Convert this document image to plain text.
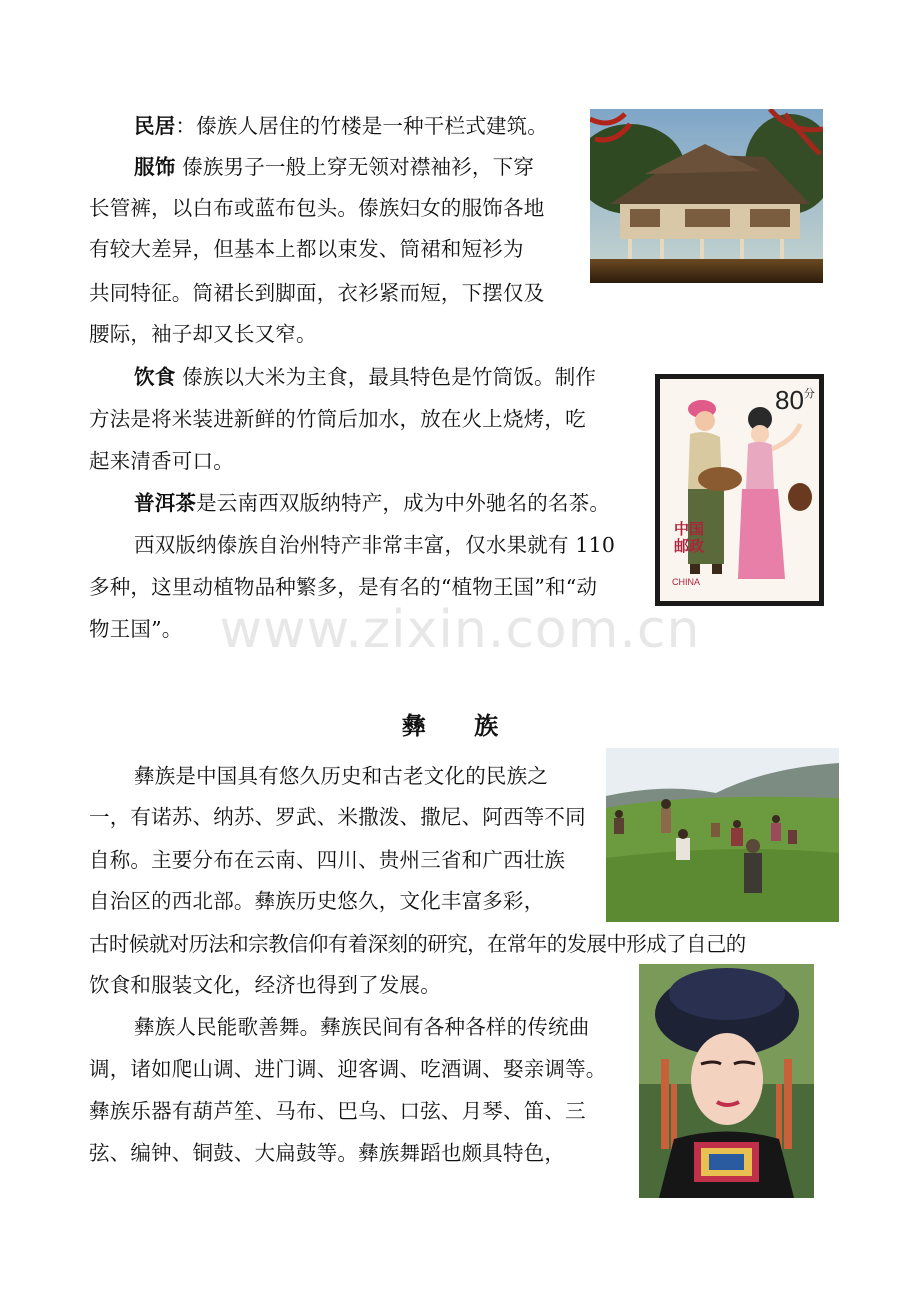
民居：傣族人居住的竹楼是一种干栏式建筑。
服饰 傣族男子一般上穿无领对襟袖衫，下穿
长管裤，以白布或蓝布包头。傣族妇女的服饰各地
有较大差异，但基本上都以束发、筒裙和短衫为
共同特征。筒裙长到脚面，衣衫紧而短，下摆仅及
腰际，袖子却又长又窄。
饮食 傣族以大米为主食，最具特色是竹筒饭。制作
方法是将米装进新鲜的竹筒后加水，放在火上烧烤，吃
起来清香可口。
普洱茶是云南西双版纳特产，成为中外驰名的名茶。
西双版纳傣族自治州特产非常丰富，仅水果就有 110
多种，这里动植物品种繁多，是有名的“植物王国”和“动
物王国”。
$80^分$
中国
邮政
CHINA
www.zixin.com.cn
彝 族
彝族是中国具有悠久历史和古老文化的民族之
一，有诺苏、纳苏、罗武、米撒泼、撒尼、阿西等不同
自称。主要分布在云南、四川、贵州三省和广西壮族
自治区的西北部。彝族历史悠久，文化丰富多彩，
古时候就对历法和宗教信仰有着深刻的研究，在常年的发展中形成了自己的
饮食和服装文化，经济也得到了发展。
彝族人民能歌善舞。彝族民间有各种各样的传统曲
调，诸如爬山调、进门调、迎客调、吃酒调、娶亲调等。
彝族乐器有葫芦笙、马布、巴乌、口弦、月琴、笛、三
弦、编钟、铜鼓、大扁鼓等。彝族舞蹈也颇具特色，
